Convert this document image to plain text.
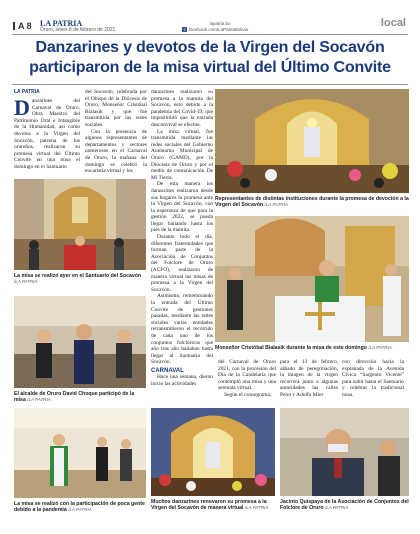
A 8 LA PATRIA
Oruro, lunes 8 de febrero de 2021
lapatria.bo
f facebook.com/LaPatriaBolivia
local
Danzarines y devotos de la Virgen del Socavón participaron de la misa virtual del Último Convite
LA PATRIA

Danzarines del Carnaval de Oruro, Obra Maestra del Patrimonio Oral e Intangible de la Humanidad, así como devotos a la Virgen del Socavón, patrona de los orureños, realizaron su promesa virtual del Último Convite en una misa el domingo en el Santuario

del Socavón, celebrada por el Obispo de la Diócesis de Oruro, Monseñor Cristóbal Bialasik y que fue transmitida por las redes sociales.

Con la presencia de algunos representantes de departamentos y sectores numerosos en el Carnaval de Oruro, la mañana del domingo se celebró la eucaristía virtual y los

danzarines realizaron su promesa a la mamita del Socavón, esto debido a la pandemia del Covid-19; que imposibilitó que la entrada desconvival se efectúe.

La misa virtual, fue transmitida mediante las redes sociales del Gobierno Autónomo Municipal de Oruro (GAMO), por la Diócesis de Oruro y por el medio de comunicación De Mi Tierra.

De esta manera los danzarines realizaron desde sus hogares la promesa ante la Virgen del Socavón, con la esperanza de que para la gestión 2022, se pueda llegar bailando hasta los pies de la mamita.

Durante todo el día, diferentes fraternidades que forman parte de la Asociación de Conjuntos del Folclore de Oruro (ACFO), realizaron de manera virtual las misas de promesa a la Virgen del Socavón.

Asimismo, rememorando la entrada del Último Convite de gestiones pasadas, mediante las redes sociales varias entidades retransmitieron el recorrido de cada uno de los conjuntos folclóricos que año tras año bailaban hasta llegar al Santuario del Socavón.

CARNAVAL

Hace una semana, dieron inicio las actividades

del Carnaval de Oruro 2021, con la procesión del Día de la Candelaria que contempló una misa y una serenata virtual.

Según el cronograma,

para el 13 de febrero, sábado de peregrinación, la imagen de la virgen recorrerá junto a algunas autoridades las calles Pelot y Adolfo Mier

con dirección hacia la explanada de la Avenida Cívica “Sargento Vicente” para subir hasta el Santuario y celebrar la tradicional misa.

La misa se realizó ayer en el Santuario del Socavón /LA PATRIA
El alcalde de Oruro David Choque participó de la misa /LA PATRIA
La misa se realizó con la participación de poca gente debido a la pandemia /LA PATRIA
Representantes de distintas instituciones durante la promesa de devoción a la Virgen del Socavón /LA PATRIA
Monseñor Cristóbal Bialasik durante la misa de este domingo /LA PATRIA
Muchos danzarines renovaron su promesa a la Virgen del Socavón de manera virtual /LA PATRIA
Jacinto Quispaya de la Asociación de Conjuntos del Folclore de Oruro /LA PATRIA
